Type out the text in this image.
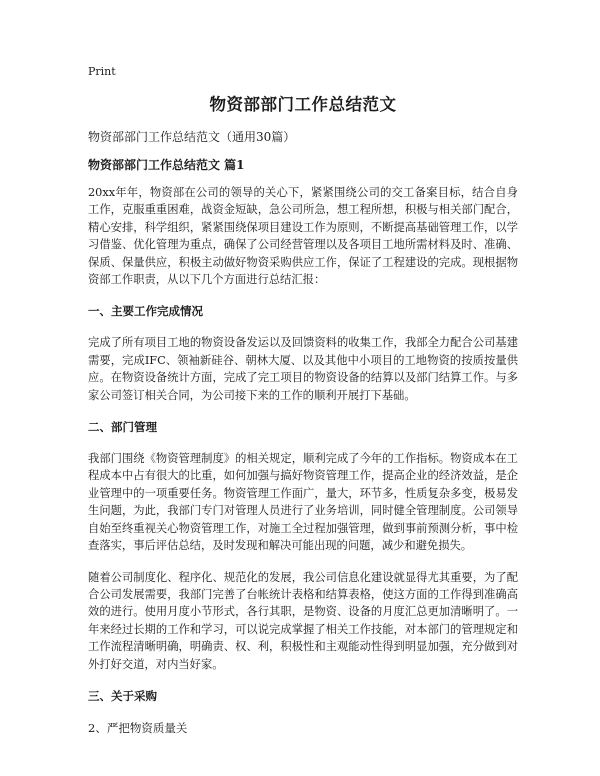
Print
物资部部门工作总结范文
物资部部门工作总结范文（通用30篇）
物资部部门工作总结范文 篇1
20xx年年，物资部在公司的领导的关心下，紧紧围绕公司的交工备案目标，结合自身工作，克服重重困难，战资金短缺，急公司所急，想工程所想，积极与相关部门配合，精心安排，科学组织，紧紧围绕保项目建设工作为原则，不断提高基础管理工作，以学习借鉴、优化管理为重点，确保了公司经营管理以及各项目工地所需材料及时、准确、保质、保量供应，积极主动做好物资采购供应工作，保证了工程建设的完成。现根据物资部工作职责，从以下几个方面进行总结汇报：
一、主要工作完成情况
完成了所有项目工地的物资设备发运以及回馈资料的收集工作，我部全力配合公司基建需要，完成IFC、领袖新硅谷、朝林大厦、以及其他中小项目的工地物资的按质按量供应。在物资设备统计方面，完成了完工项目的物资设备的结算以及部门结算工作。与多家公司签订相关合同，为公司接下来的工作的顺利开展打下基础。
二、部门管理
我部门围绕《物资管理制度》的相关规定，顺利完成了今年的工作指标。物资成本在工程成本中占有很大的比重，如何加强与搞好物资管理工作，提高企业的经济效益，是企业管理中的一项重要任务。物资管理工作面广，量大，环节多，性质复杂多变，极易发生问题，为此，我部门专门对管理人员进行了业务培训，同时健全管理制度。公司领导自始至终重视关心物资管理工作，对施工全过程加强管理，做到事前预测分析，事中检查落实，事后评估总结，及时发现和解决可能出现的问题，减少和避免损失。
随着公司制度化、程序化、规范化的发展，我公司信息化建设就显得尤其重要，为了配合公司发展需要，我部门完善了台帐统计表格和结算表格，使这方面的工作得到准确高效的进行。使用月度小节形式，各行其职，是物资、设备的月度汇总更加清晰明了。一年来经过长期的工作和学习，可以说完成掌握了相关工作技能，对本部门的管理规定和工作流程清晰明确，明确责、权、利，积极性和主观能动性得到明显加强，充分做到对外打好交道，对内当好家。
三、关于采购
2、严把物资质量关
